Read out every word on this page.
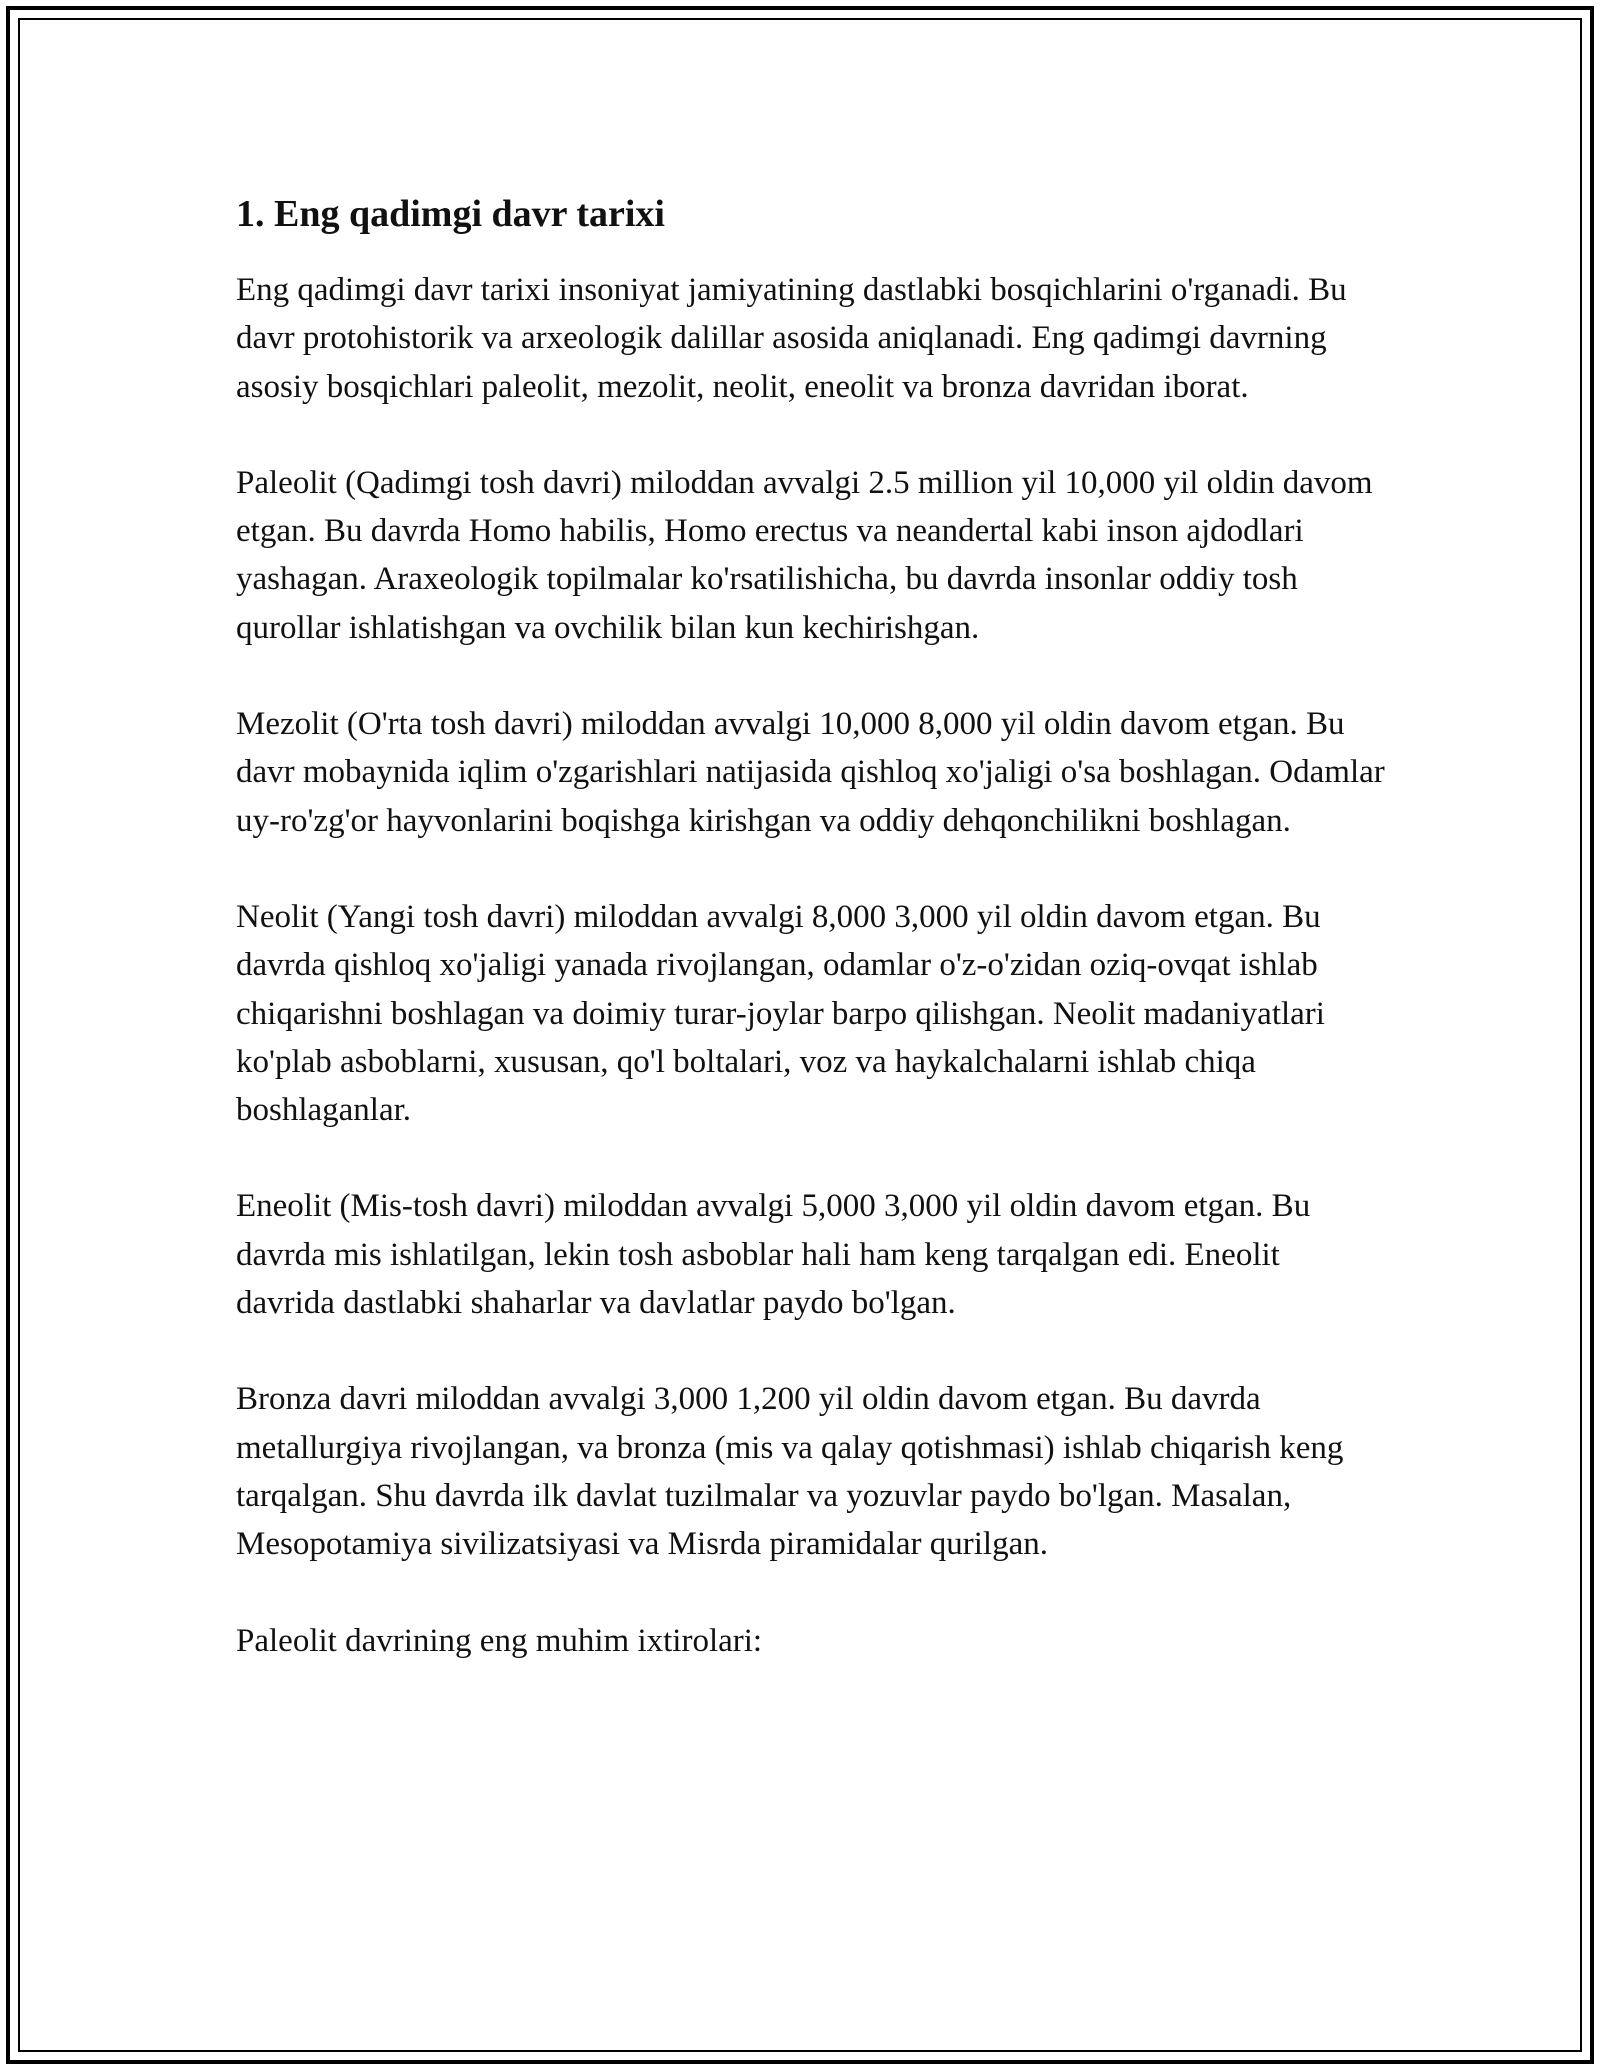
1. Eng qadimgi davr tarixi

Eng qadimgi davr tarixi insoniyat jamiyatining dastlabki bosqichlarini o'rganadi. Bu davr protohistorik va arxeologik dalillar asosida aniqlanadi. Eng qadimgi davrning asosiy bosqichlari paleolit, mezolit, neolit, eneolit va bronza davridan iborat.

Paleolit (Qadimgi tosh davri) miloddan avvalgi 2.5 million yil 10,000 yil oldin davom etgan. Bu davrda Homo habilis, Homo erectus va neandertal kabi inson ajdodlari yashagan. Araxeologik topilmalar ko'rsatilishicha, bu davrda insonlar oddiy tosh qurollar ishlatishgan va ovchilik bilan kun kechirishgan.

Mezolit (O'rta tosh davri) miloddan avvalgi 10,000 8,000 yil oldin davom etgan. Bu davr mobaynida iqlim o'zgarishlari natijasida qishloq xo'jaligi o'sa boshlagan. Odamlar uy-ro'zg'or hayvonlarini boqishga kirishgan va oddiy dehqonchilikni boshlagan.

Neolit (Yangi tosh davri) miloddan avvalgi 8,000 3,000 yil oldin davom etgan. Bu davrda qishloq xo'jaligi yanada rivojlangan, odamlar o'z-o'zidan oziq-ovqat ishlab chiqarishni boshlagan va doimiy turar-joylar barpo qilishgan. Neolit madaniyatlari ko'plab asboblarni, xususan, qo'l boltalari, voz va haykalchalarni ishlab chiqa boshlaganlar.

Eneolit (Mis-tosh davri) miloddan avvalgi 5,000 3,000 yil oldin davom etgan. Bu davrda mis ishlatilgan, lekin tosh asboblar hali ham keng tarqalgan edi. Eneolit davrida dastlabki shaharlar va davlatlar paydo bo'lgan.

Bronza davri miloddan avvalgi 3,000 1,200 yil oldin davom etgan. Bu davrda metallurgiya rivojlangan, va bronza (mis va qalay qotishmasi) ishlab chiqarish keng tarqalgan. Shu davrda ilk davlat tuzilmalar va yozuvlar paydo bo'lgan. Masalan, Mesopotamiya sivilizatsiyasi va Misrda piramidalar qurilgan.

Paleolit davrining eng muhim ixtirolari:
